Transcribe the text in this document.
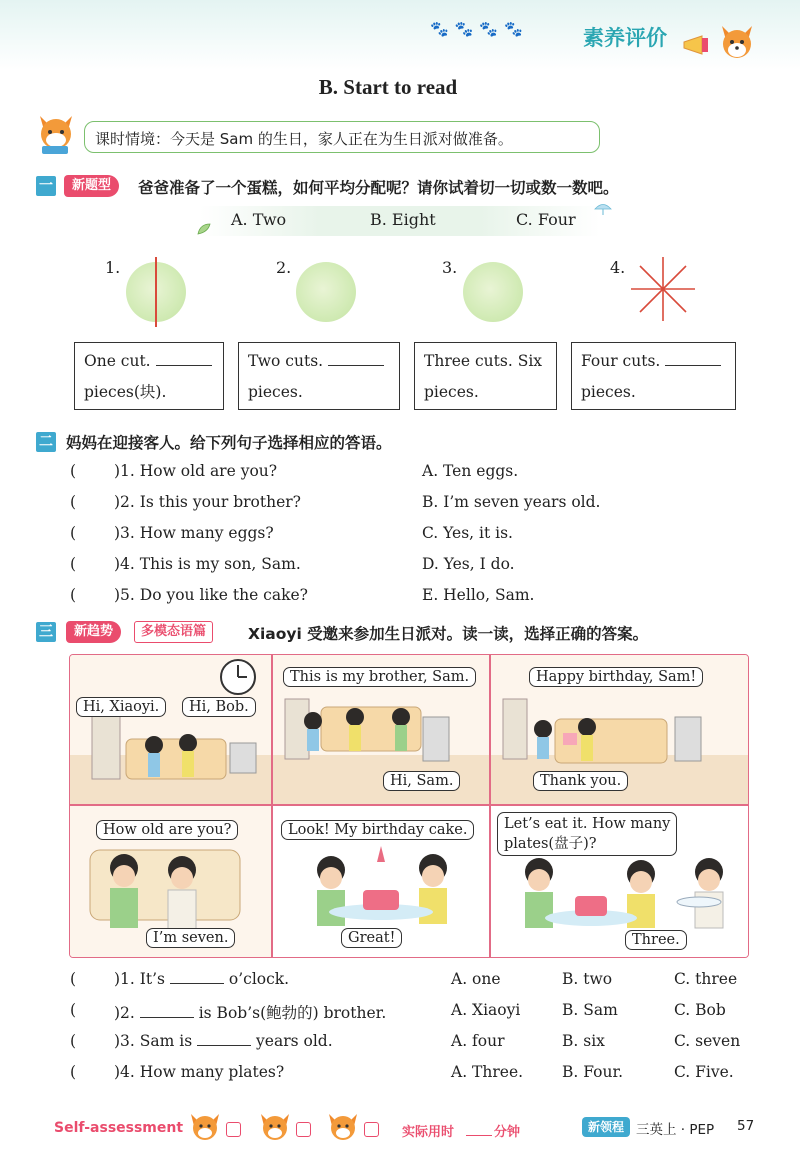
🐾🐾🐾🐾	素养评价
B. Start to read
课时情境：今天是 Sam 的生日，家人正在为生日派对做准备。
一	新题型	爸爸准备了一个蛋糕，如何平均分配呢？请你试着切一切或数一数吧。
A. Two	B. Eight	C. Four
1.	2.	3.	4.
One cut.
pieces(块).
Two cuts.
pieces.
Three cuts. Six
pieces.
Four cuts.
pieces.
二 妈妈在迎接客人。给下列句子选择相应的答语。
( )1. How old are you?	A. Ten eggs.
( )2. Is this your brother?	B. I’m seven years old.
( )3. How many eggs?	C. Yes, it is.
( )4. This is my son, Sam.	D. Yes, I do.
( )5. Do you like the cake?	E. Hello, Sam.
三	新趋势	多模态语篇	Xiaoyi 受邀来参加生日派对。读一读，选择正确的答案。
Hi, Xiaoyi.	Hi, Bob.
This is my brother, Sam.
Hi, Sam.
Happy birthday, Sam!
Thank you.
How old are you?
I’m seven.
Look! My birthday cake.
Great!
Let’s eat it. How many
plates(盘子)?
Three.
( )1. It’s	o’clock.	A. one	B. two	C. three
( )2.	is Bob’s(鲍勃的) brother.	A. Xiaoyi	B. Sam	C. Bob
( )3. Sam is	years old.	A. four	B. six	C. seven
( )4. How many plates?	A. Three.	B. Four.	C. Five.
Self-assessment	实际用时	分钟	新领程 三英上 · PEP 57
